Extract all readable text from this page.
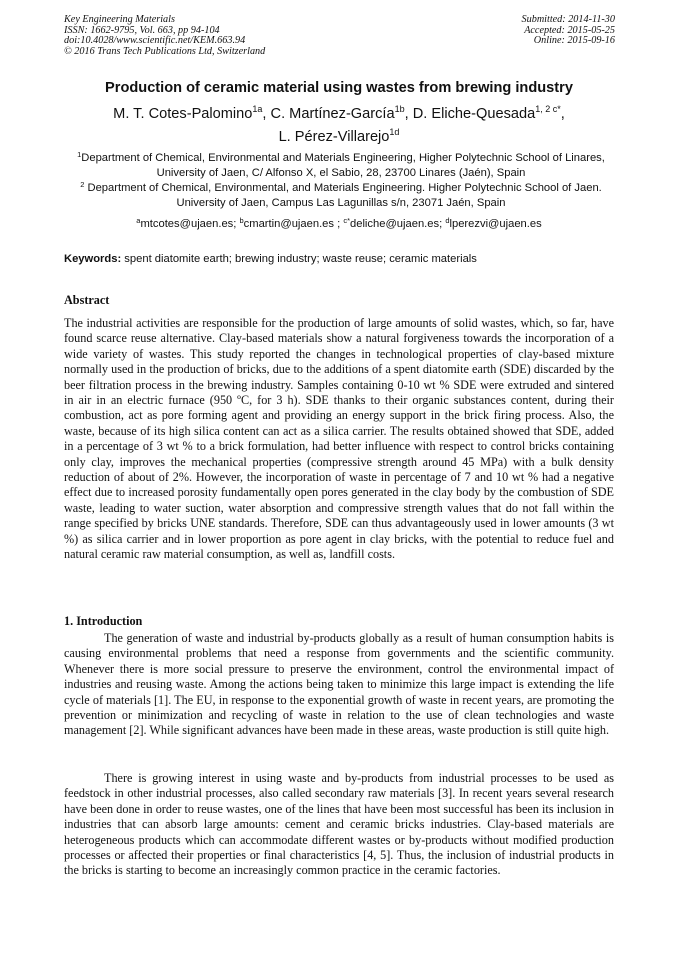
Key Engineering Materials
ISSN: 1662-9795, Vol. 663, pp 94-104
doi:10.4028/www.scientific.net/KEM.663.94
© 2016 Trans Tech Publications Ltd, Switzerland
Submitted: 2014-11-30
Accepted: 2015-05-25
Online: 2015-09-16
Production of ceramic material using wastes from brewing industry
M. T. Cotes-Palomino$^{1a}$, C. Martínez-García$^{1b}$, D. Eliche-Quesada$^{1, 2 c*}$,
L. Pérez-Villarejo$^{1d}$
$^1$Department of Chemical, Environmental and Materials Engineering, Higher Polytechnic School of Linares, University of Jaen, C/ Alfonso X, el Sabio, 28, 23700 Linares (Jaén), Spain
$^2$ Department of Chemical, Environmental, and Materials Engineering. Higher Polytechnic School of Jaen. University of Jaen, Campus Las Lagunillas s/n, 23071 Jaén, Spain
$^a$mtcotes@ujaen.es; $^b$cmartin@ujaen.es ; $^{c*}$deliche@ujaen.es; $^d$lperezvi@ujaen.es
Keywords: spent diatomite earth; brewing industry; waste reuse; ceramic materials
Abstract
The industrial activities are responsible for the production of large amounts of solid wastes, which, so far, have found scarce reuse alternative. Clay-based materials show a natural forgiveness towards the incorporation of a wide variety of wastes. This study reported the changes in technological properties of clay-based mixture normally used in the production of bricks, due to the additions of a spent diatomite earth (SDE) discarded by the beer filtration process in the brewing industry. Samples containing 0-10 wt % SDE were extruded and sintered in air in an electric furnace (950 ºC, for 3 h). SDE thanks to their organic substances content, during their combustion, act as pore forming agent and providing an energy support in the brick firing process. Also, the waste, because of its high silica content can act as a silica carrier. The results obtained showed that SDE, added in a percentage of 3 wt % to a brick formulation, had better influence with respect to control bricks containing only clay, improves the mechanical properties (compressive strength around 45 MPa) with a bulk density reduction of about of 2%. However, the incorporation of waste in percentage of 7 and 10 wt % had a negative effect due to increased porosity fundamentally open pores generated in the clay body by the combustion of SDE waste, leading to water suction, water absorption and compressive strength values that do not fall within the range specified by bricks UNE standards. Therefore, SDE can thus advantageously used in lower amounts (3 wt %) as silica carrier and in lower proportion as pore agent in clay bricks, with the potential to reduce fuel and natural ceramic raw material consumption, as well as, landfill costs.
1. Introduction
The generation of waste and industrial by-products globally as a result of human consumption habits is causing environmental problems that need a response from governments and the scientific community. Whenever there is more social pressure to preserve the environment, control the environmental impact of industries and reusing waste. Among the actions being taken to minimize this large impact is extending the life cycle of materials [1]. The EU, in response to the exponential growth of waste in recent years, are promoting the prevention or minimization and recycling of waste in relation to the use of clean technologies and waste management [2]. While significant advances have been made in these areas, waste production is still quite high.
There is growing interest in using waste and by-products from industrial processes to be used as feedstock in other industrial processes, also called secondary raw materials [3]. In recent years several research have been done in order to reuse wastes, one of the lines that have been most successful has been its inclusion in industries that can absorb large amounts: cement and ceramic bricks industries. Clay-based materials are heterogeneous products which can accommodate different wastes or by-products without modified production processes or affected their properties or final characteristics [4, 5]. Thus, the inclusion of industrial products in the bricks is starting to become an increasingly common practice in the ceramic factories.
